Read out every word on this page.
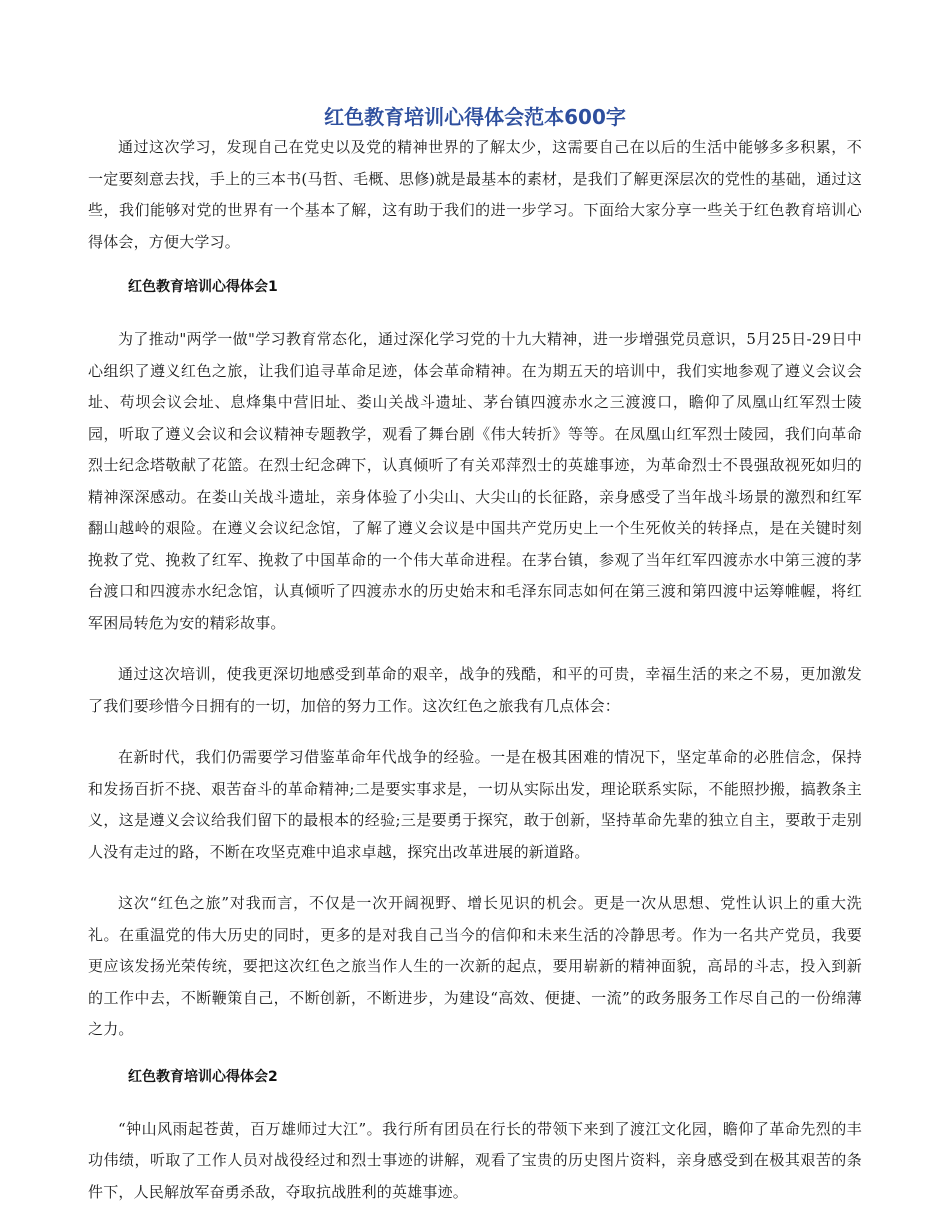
红色教育培训心得体会范本600字

通过这次学习，发现自己在党史以及党的精神世界的了解太少，这需要自己在以后的生活中能够多多积累，不一定要刻意去找，手上的三本书(马哲、毛概、思修)就是最基本的素材，是我们了解更深层次的党性的基础，通过这些，我们能够对党的世界有一个基本了解，这有助于我们的进一步学习。下面给大家分享一些关于红色教育培训心得体会，方便大学习。

红色教育培训心得体会1

为了推动"两学一做"学习教育常态化，通过深化学习党的十九大精神，进一步增强党员意识，5月25日-29日中心组织了遵义红色之旅，让我们追寻革命足迹，体会革命精神。在为期五天的培训中，我们实地参观了遵义会议会址、苟坝会议会址、息烽集中营旧址、娄山关战斗遗址、茅台镇四渡赤水之三渡渡口，瞻仰了凤凰山红军烈士陵园，听取了遵义会议和会议精神专题教学，观看了舞台剧《伟大转折》等等。在凤凰山红军烈士陵园，我们向革命烈士纪念塔敬献了花篮。在烈士纪念碑下，认真倾听了有关邓萍烈士的英雄事迹，为革命烈士不畏强敌视死如归的精神深深感动。在娄山关战斗遗址，亲身体验了小尖山、大尖山的长征路，亲身感受了当年战斗场景的激烈和红军翻山越岭的艰险。在遵义会议纪念馆，了解了遵义会议是中国共产党历史上一个生死攸关的转择点，是在关键时刻挽救了党、挽救了红军、挽救了中国革命的一个伟大革命进程。在茅台镇，参观了当年红军四渡赤水中第三渡的茅台渡口和四渡赤水纪念馆，认真倾听了四渡赤水的历史始末和毛泽东同志如何在第三渡和第四渡中运筹帷幄，将红军困局转危为安的精彩故事。

通过这次培训，使我更深切地感受到革命的艰辛，战争的残酷，和平的可贵，幸福生活的来之不易，更加激发了我们要珍惜今日拥有的一切，加倍的努力工作。这次红色之旅我有几点体会：

在新时代，我们仍需要学习借鉴革命年代战争的经验。一是在极其困难的情况下，坚定革命的必胜信念，保持和发扬百折不挠、艰苦奋斗的革命精神;二是要实事求是，一切从实际出发，理论联系实际，不能照抄搬，搞教条主义，这是遵义会议给我们留下的最根本的经验;三是要勇于探究，敢于创新，坚持革命先辈的独立自主，要敢于走别人没有走过的路，不断在攻坚克难中追求卓越，探究出改革进展的新道路。

这次“红色之旅”对我而言，不仅是一次开阔视野、增长见识的机会。更是一次从思想、党性认识上的重大洗礼。在重温党的伟大历史的同时，更多的是对我自己当今的信仰和未来生活的冷静思考。作为一名共产党员，我要更应该发扬光荣传统，要把这次红色之旅当作人生的一次新的起点，要用崭新的精神面貌，高昂的斗志，投入到新的工作中去，不断鞭策自己，不断创新，不断进步，为建设“高效、便捷、一流”的政务服务工作尽自己的一份绵薄之力。

红色教育培训心得体会2

“钟山风雨起苍黄，百万雄师过大江”。我行所有团员在行长的带领下来到了渡江文化园，瞻仰了革命先烈的丰功伟绩，听取了工作人员对战役经过和烈士事迹的讲解，观看了宝贵的历史图片资料，亲身感受到在极其艰苦的条件下，人民解放军奋勇杀敌，夺取抗战胜利的英雄事迹。
